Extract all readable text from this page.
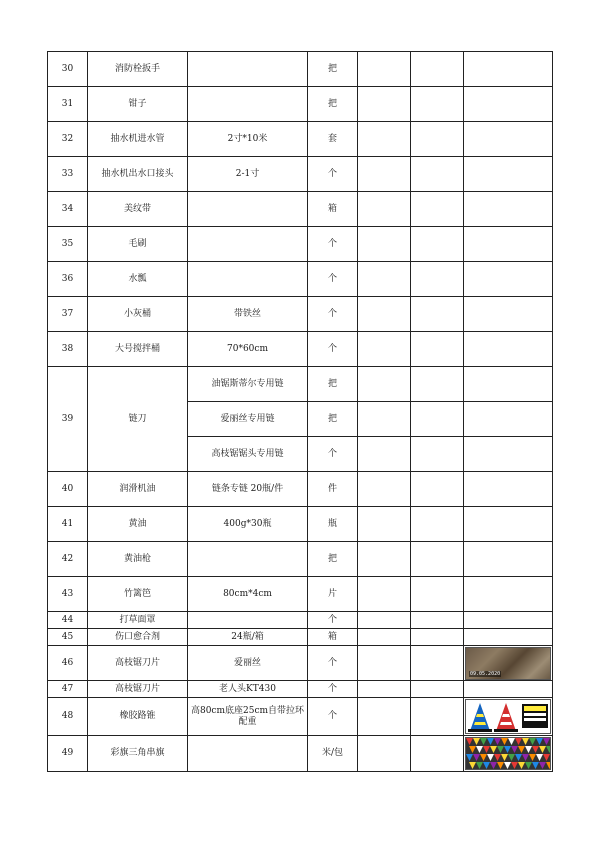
30	消防栓扳手		把			
31	钳子		把			
32	抽水机进水管	2寸*10米	套			
33	抽水机出水口接头	2-1寸	个			
34	美纹带		箱			
35	毛刷		个			
36	水瓢		个			
37	小灰桶	带铁丝	个			
38	大号搅拌桶	70*60cm	个			
39	链刀	油锯斯蒂尔专用链	把			
		爱丽丝专用链	把			
		高枝锯锯头专用链	个			
40	润滑机油	链条专链 20瓶/件	件			
41	黄油	400g*30瓶	瓶			
42	黄油枪		把			
43	竹篱笆	80cm*4cm	片			
44	打草面罩		个			
45	伤口愈合剂	24瓶/箱	箱			
46	高枝锯刀片	爱丽丝	个			09.05.2020

47	高枝锯刀片	老人头KT430	个			
48	橡胶路锥	高80cm底座25cm自带拉环配重	个			

49	彩旗三角串旗		米/包			
